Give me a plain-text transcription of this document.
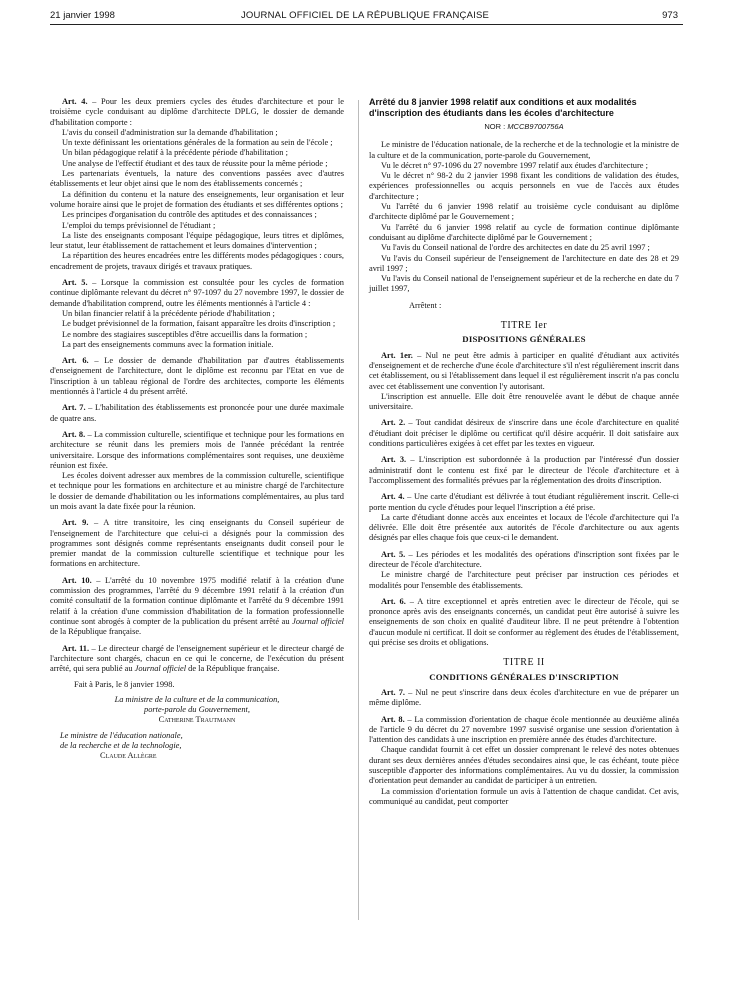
21 janvier 1998	JOURNAL OFFICIEL DE LA RÉPUBLIQUE FRANÇAISE	973

Art. 4. – Pour les deux premiers cycles des études d'architecture et pour le troisième cycle conduisant au diplôme d'architecte DPLG, le dossier de demande d'habilitation comporte :

L'avis du conseil d'administration sur la demande d'habilitation ;

Un texte définissant les orientations générales de la formation au sein de l'école ;

Un bilan pédagogique relatif à la précédente période d'habilitation ;

Une analyse de l'effectif étudiant et des taux de réussite pour la même période ;

Les partenariats éventuels, la nature des conventions passées avec d'autres établissements et leur objet ainsi que le nom des établissements concernés ;

La définition du contenu et la nature des enseignements, leur organisation et leur volume horaire ainsi que le projet de formation des étudiants et ses différentes options ;

Les principes d'organisation du contrôle des aptitudes et des connaissances ;

L'emploi du temps prévisionnel de l'étudiant ;

La liste des enseignants composant l'équipe pédagogique, leurs titres et diplômes, leur statut, leur établissement de rattachement et leurs domaines d'intervention ;

La répartition des heures encadrées entre les différents modes pédagogiques : cours, encadrement de projets, travaux dirigés et travaux pratiques.

Art. 5. – Lorsque la commission est consultée pour les cycles de formation continue diplômante relevant du décret n° 97-1097 du 27 novembre 1997, le dossier de demande d'habilitation comprend, outre les éléments mentionnés à l'article 4 :

Un bilan financier relatif à la précédente période d'habilitation ;

Le budget prévisionnel de la formation, faisant apparaître les droits d'inscription ;

Le nombre des stagiaires susceptibles d'être accueillis dans la formation ;

La part des enseignements communs avec la formation initiale.

Art. 6. – Le dossier de demande d'habilitation par d'autres établissements d'enseignement de l'architecture, dont le diplôme est reconnu par l'Etat en vue de l'inscription à un tableau régional de l'ordre des architectes, comporte les éléments mentionnés à l'article 4 du présent arrêté.

Art. 7. – L'habilitation des établissements est prononcée pour une durée maximale de quatre ans.

Art. 8. – La commission culturelle, scientifique et technique pour les formations en architecture se réunit dans les premiers mois de l'année précédant la rentrée universitaire. Lorsque des informations complémentaires sont requises, une deuxième réunion est fixée.

Les écoles doivent adresser aux membres de la commission culturelle, scientifique et technique pour les formations en architecture et au ministre chargé de l'architecture le dossier de demande d'habilitation ou les informations complémentaires, au plus tard un mois avant la date fixée pour la réunion.

Art. 9. – A titre transitoire, les cinq enseignants du Conseil supérieur de l'enseignement de l'architecture que celui-ci a désignés pour la commission des programmes sont désignés comme représentants enseignants dudit conseil pour le premier mandat de la commission culturelle scientifique et technique pour les formations en architecture.

Art. 10. – L'arrêté du 10 novembre 1975 modifié relatif à la création d'une commission des programmes, l'arrêté du 9 décembre 1991 relatif à la création d'un comité consultatif de la formation continue diplômante et l'arrêté du 9 décembre 1991 relatif à la création d'une commission d'habilitation de la formation professionnelle continue sont abrogés à compter de la publication du présent arrêté au Journal officiel de la République française.

Art. 11. – Le directeur chargé de l'enseignement supérieur et le directeur chargé de l'architecture sont chargés, chacun en ce qui le concerne, de l'exécution du présent arrêté, qui sera publié au Journal officiel de la République française.

Fait à Paris, le 8 janvier 1998.

La ministre de la culture et de la communication,

porte-parole du Gouvernement,

Catherine Trautmann

Le ministre de l'éducation nationale,

de la recherche et de la technologie,

Claude Allègre

Arrêté du 8 janvier 1998 relatif aux conditions et aux modalités d'inscription des étudiants dans les écoles d'architecture

NOR : MCCB9700756A

Le ministre de l'éducation nationale, de la recherche et de la technologie et la ministre de la culture et de la communication, porte-parole du Gouvernement,

Vu le décret n° 97-1096 du 27 novembre 1997 relatif aux études d'architecture ;

Vu le décret n° 98-2 du 2 janvier 1998 fixant les conditions de validation des études, expériences professionnelles ou acquis personnels en vue de l'accès aux études d'architecture ;

Vu l'arrêté du 6 janvier 1998 relatif au troisième cycle conduisant au diplôme d'architecte diplômé par le Gouvernement ;

Vu l'arrêté du 6 janvier 1998 relatif au cycle de formation continue diplômante conduisant au diplôme d'architecte diplômé par le Gouvernement ;

Vu l'avis du Conseil national de l'ordre des architectes en date du 25 avril 1997 ;

Vu l'avis du Conseil supérieur de l'enseignement de l'architecture en date des 28 et 29 avril 1997 ;

Vu l'avis du Conseil national de l'enseignement supérieur et de la recherche en date du 7 juillet 1997,

Arrêtent :

TITRE Ier

DISPOSITIONS GÉNÉRALES

Art. 1er. – Nul ne peut être admis à participer en qualité d'étudiant aux activités d'enseignement et de recherche d'une école d'architecture s'il n'est régulièrement inscrit dans cet établissement, ou si l'établissement dans lequel il est régulièrement inscrit n'a pas conclu avec cet établissement une convention l'y autorisant.

L'inscription est annuelle. Elle doit être renouvelée avant le début de chaque année universitaire.

Art. 2. – Tout candidat désireux de s'inscrire dans une école d'architecture en qualité d'étudiant doit préciser le diplôme ou certificat qu'il désire acquérir. Il doit satisfaire aux conditions particulières exigées à cet effet par les textes en vigueur.

Art. 3. – L'inscription est subordonnée à la production par l'intéressé d'un dossier administratif dont le contenu est fixé par le directeur de l'école d'architecture et à l'accomplissement des formalités prévues par la réglementation des droits d'inscription.

Art. 4. – Une carte d'étudiant est délivrée à tout étudiant régulièrement inscrit. Celle-ci porte mention du cycle d'études pour lequel l'inscription a été prise.

La carte d'étudiant donne accès aux enceintes et locaux de l'école d'architecture qui l'a délivrée. Elle doit être présentée aux autorités de l'école d'architecture ou aux agents désignés par elles chaque fois que ceux-ci le demandent.

Art. 5. – Les périodes et les modalités des opérations d'inscription sont fixées par le directeur de l'école d'architecture.

Le ministre chargé de l'architecture peut préciser par instruction ces périodes et modalités pour l'ensemble des établissements.

Art. 6. – A titre exceptionnel et après entretien avec le directeur de l'école, qui se prononce après avis des enseignants concernés, un candidat peut être autorisé à suivre les enseignements de son choix en qualité d'auditeur libre. Il ne peut prétendre à l'obtention d'aucun module ni certificat. Il doit se conformer au règlement des études de l'établissement, qui précise ses droits et obligations.

TITRE II

CONDITIONS GÉNÉRALES D'INSCRIPTION

Art. 7. – Nul ne peut s'inscrire dans deux écoles d'architecture en vue de préparer un même diplôme.

Art. 8. – La commission d'orientation de chaque école mentionnée au deuxième alinéa de l'article 9 du décret du 27 novembre 1997 susvisé organise une session d'orientation à l'attention des candidats à une inscription en première année des études d'architecture.

Chaque candidat fournit à cet effet un dossier comprenant le relevé des notes obtenues durant ses deux dernières années d'études secondaires ainsi que, le cas échéant, toute pièce susceptible d'apporter des informations complémentaires. Au vu du dossier, la commission d'orientation peut demander au candidat de participer à un entretien.

La commission d'orientation formule un avis à l'attention de chaque candidat. Cet avis, communiqué au candidat, peut comporter
